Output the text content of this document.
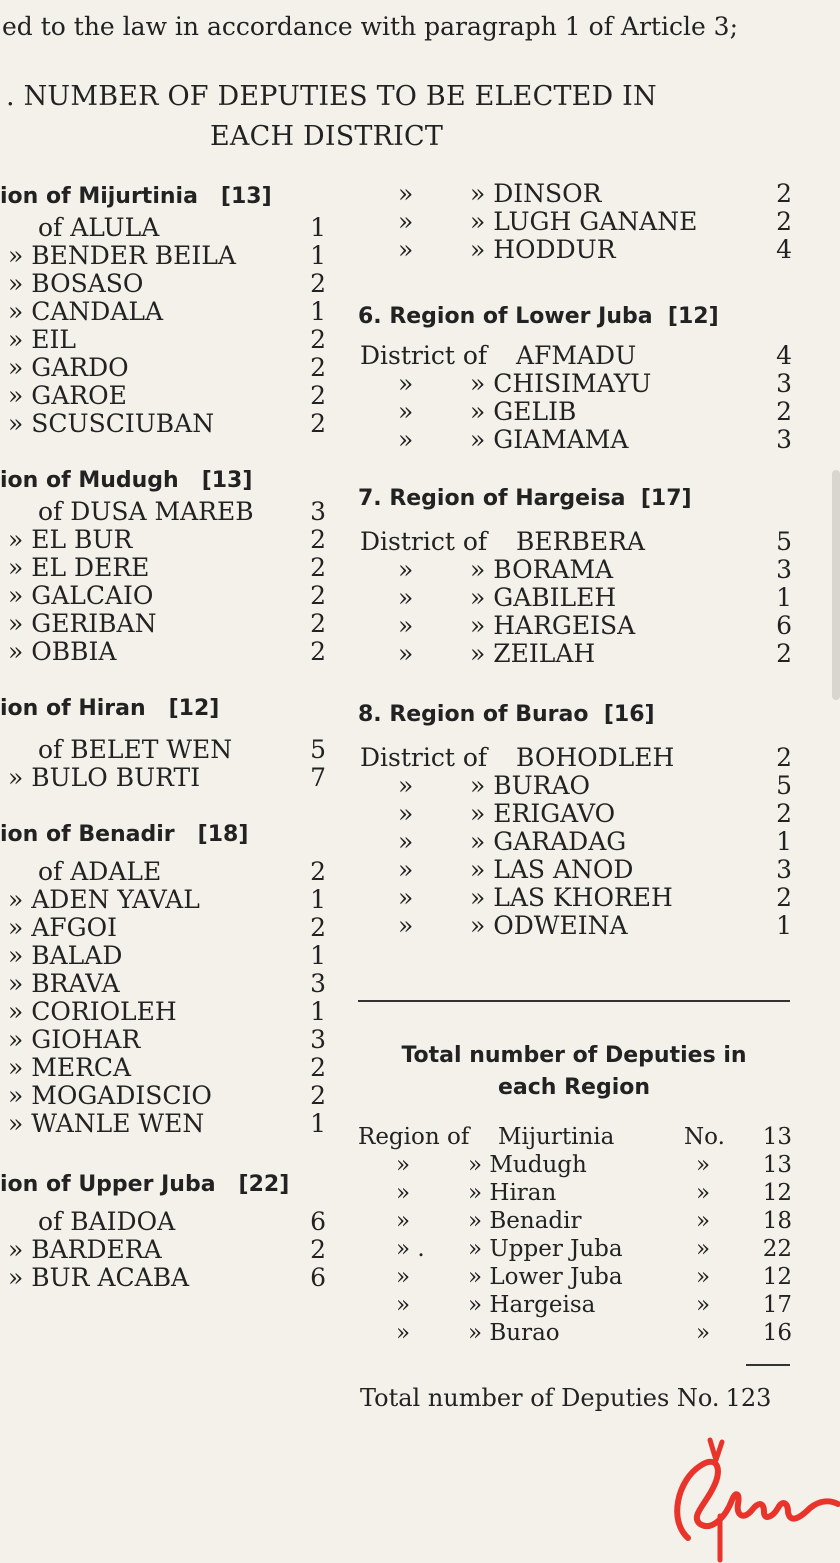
ed to the law in accordance with paragraph 1 of Article 3;
. NUMBER OF DEPUTIES TO BE ELECTED IN
EACH DISTRICT
ion of Mijurtinia [13]
of ALULA	1
» BENDER BEILA	1
» BOSASO	2
» CANDALA	1
» EIL	2
» GARDO	2
» GAROE	2
» SCUSCIUBAN	2
ion of Mudugh [13]
of DUSA MAREB	3
» EL BUR	2
» EL DERE	2
» GALCAIO	2
» GERIBAN	2
» OBBIA	2
ion of Hiran [12]
of BELET WEN	5
» BULO BURTI	7
ion of Benadir [18]
of ADALE	2
» ADEN YAVAL	1
» AFGOI	2
» BALAD	1
» BRAVA	3
» CORIOLEH	1
» GIOHAR	3
» MERCA	2
» MOGADISCIO	2
» WANLE WEN	1
ion of Upper Juba [22]
of BAIDOA	6
» BARDERA	2
» BUR ACABA	6
» » DINSOR	2
» » LUGH GANANE	2
» » HODDUR	4
6. Region of Lower Juba [12]
District of AFMADU	4
» » CHISIMAYU	3
» » GELIB	2
» » GIAMAMA	3
7. Region of Hargeisa [17]
District of BERBERA	5
» » BORAMA	3
» » GABILEH	1
» » HARGEISA	6
» » ZEILAH	2
8. Region of Burao [16]
District of BOHODLEH	2
» » BURAO	5
» » ERIGAVO	2
» » GARADAG	1
» » LAS ANOD	3
» » LAS KHOREH	2
» » ODWEINA	1
Total number of Deputies in
each Region
Region of Mijurtinia	No.	13
»	» Mudugh	»	13
»	» Hiran	»	12
»	» Benadir	»	18
» . » Upper Juba	»	22
»	» Lower Juba	»	12
»	» Hargeisa	»	17
»	» Burao	»	16
Total number of Deputies No. 123
